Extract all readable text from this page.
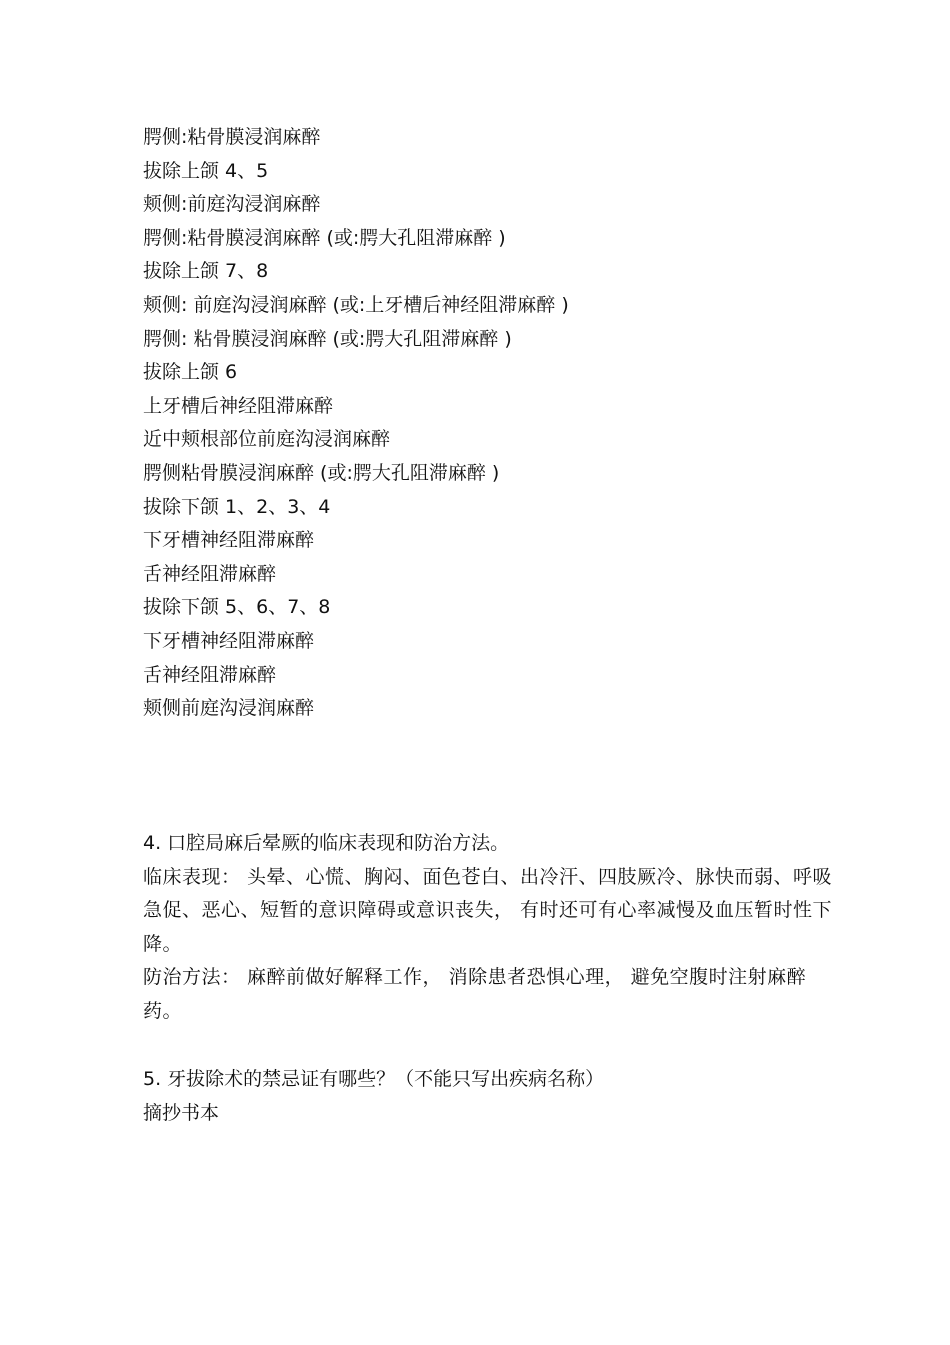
腭侧:粘骨膜浸润麻醉
拔除上颌 4、5
颊侧:前庭沟浸润麻醉
腭侧:粘骨膜浸润麻醉 (或:腭大孔阻滞麻醉 )
拔除上颌 7、8
颊侧: 前庭沟浸润麻醉 (或:上牙槽后神经阻滞麻醉 )
腭侧: 粘骨膜浸润麻醉 (或:腭大孔阻滞麻醉 )
拔除上颌 6
上牙槽后神经阻滞麻醉
近中颊根部位前庭沟浸润麻醉
腭侧粘骨膜浸润麻醉 (或:腭大孔阻滞麻醉 )
拔除下颌 1、2、3、4
下牙槽神经阻滞麻醉
舌神经阻滞麻醉
拔除下颌 5、6、7、8
下牙槽神经阻滞麻醉
舌神经阻滞麻醉
颊侧前庭沟浸润麻醉
4. 口腔局麻后晕厥的临床表现和防治方法。

临床表现： 头晕、心慌、胸闷、面色苍白、出冷汗、四肢厥冷、脉快而弱、呼吸急促、恶心、短暂的意识障碍或意识丧失， 有时还可有心率减慢及血压暂时性下降。

防治方法： 麻醉前做好解释工作， 消除患者恐惧心理， 避免空腹时注射麻醉药。

5. 牙拔除术的禁忌证有哪些？（不能只写出疾病名称）
摘抄书本
